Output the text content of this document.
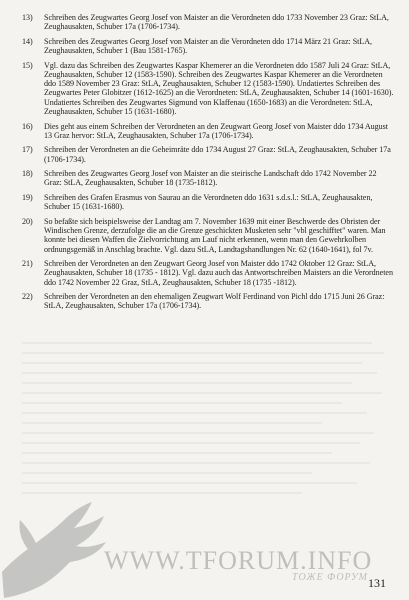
13)	Schreiben des Zeugwartes Georg Josef von Maister an die Verordneten ddo 1733 November 23 Graz: StLA, Zeughausakten, Schuber 17a (1706-1734).
14)	Schreiben des Zeugwartes Georg Josef von Maister an die Verordneten ddo 1714 März 21 Graz: StLA, Zeughausakten, Schuber 1 (Bau 1581-1765).
15)	Vgl. dazu das Schreiben des Zeugwartes Kaspar Khemerer an die Verordneten ddo 1587 Juli 24 Graz: StLA, Zeughausakten, Schuber 12 (1583-1590). Schreiben des Zeugwartes Kaspar Khemerer an die Verordneten ddo 1589 November 23 Graz: StLA, Zeughausakten, Schuber 12 (1583-1590). Undatiertes Schreiben des Zeugwartes Peter Globitzer (1612-1625) an die Verordneten: StLA, Zeughausakten, Schuber 14 (1601-1630). Undatiertes Schreiben des Zeugwartes Sigmund von Klaffenau (1650-1683) an die Verordneten: StLA, Zeughausakten, Schuber 15 (1631-1680).
16)	Dies geht aus einem Schreiben der Verordneten an den Zeugwart Georg Josef von Maister ddo 1734 August 13 Graz hervor: StLA, Zeughausakten, Schuber 17a (1706-1734).
17)	Schreiben der Verordneten an die Geheimräte ddo 1734 August 27 Graz: StLA, Zeughausakten, Schuber 17a (1706-1734).
18)	Schreiben des Zeugwartes Georg Josef von Maister an die steirische Landschaft ddo 1742 November 22 Graz: StLA, Zeughausakten, Schuber 18 (1735-1812).
19)	Schreiben des Grafen Erasmus von Saurau an die Verordneten ddo 1631 s.d.s.l.: StLA, Zeughausakten, Schuber 15 (1631-1680).
20)	So befaßte sich beispielsweise der Landtag am 7. November 1639 mit einer Beschwerde des Obristen der Windischen Grenze, derzufolge die an die Grenze geschickten Musketen sehr "vbl geschifftet" waren. Man konnte bei diesen Waffen die Zielvorrichtung am Lauf nicht erkennen, wenn man den Gewehrkolben ordnungsgemäß in Anschlag brachte. Vgl. dazu StLA, Landtagshandlungen Nr. 62 (1640-1641), fol 7v.
21)	Schreiben der Verordneten an den Zeugwart Georg Josef von Maister ddo 1742 Oktober 12 Graz: StLA, Zeughausakten, Schuber 18 (1735 - 1812). Vgl. dazu auch das Antwortschreiben Maisters an die Verordneten ddo 1742 November 22 Graz, StLA, Zeughausakten, Schuber 18 (1735 -1812).
22)	Schreiben der Verordneten an den ehemaligen Zeugwart Wolf Ferdinand von Pichl ddo 1715 Juni 26 Graz: StLA, Zeughausakten, Schuber 17a (1706-1734).
WWW.TFORUM.INFO
ТОЖЕ ФОРУМ 131
